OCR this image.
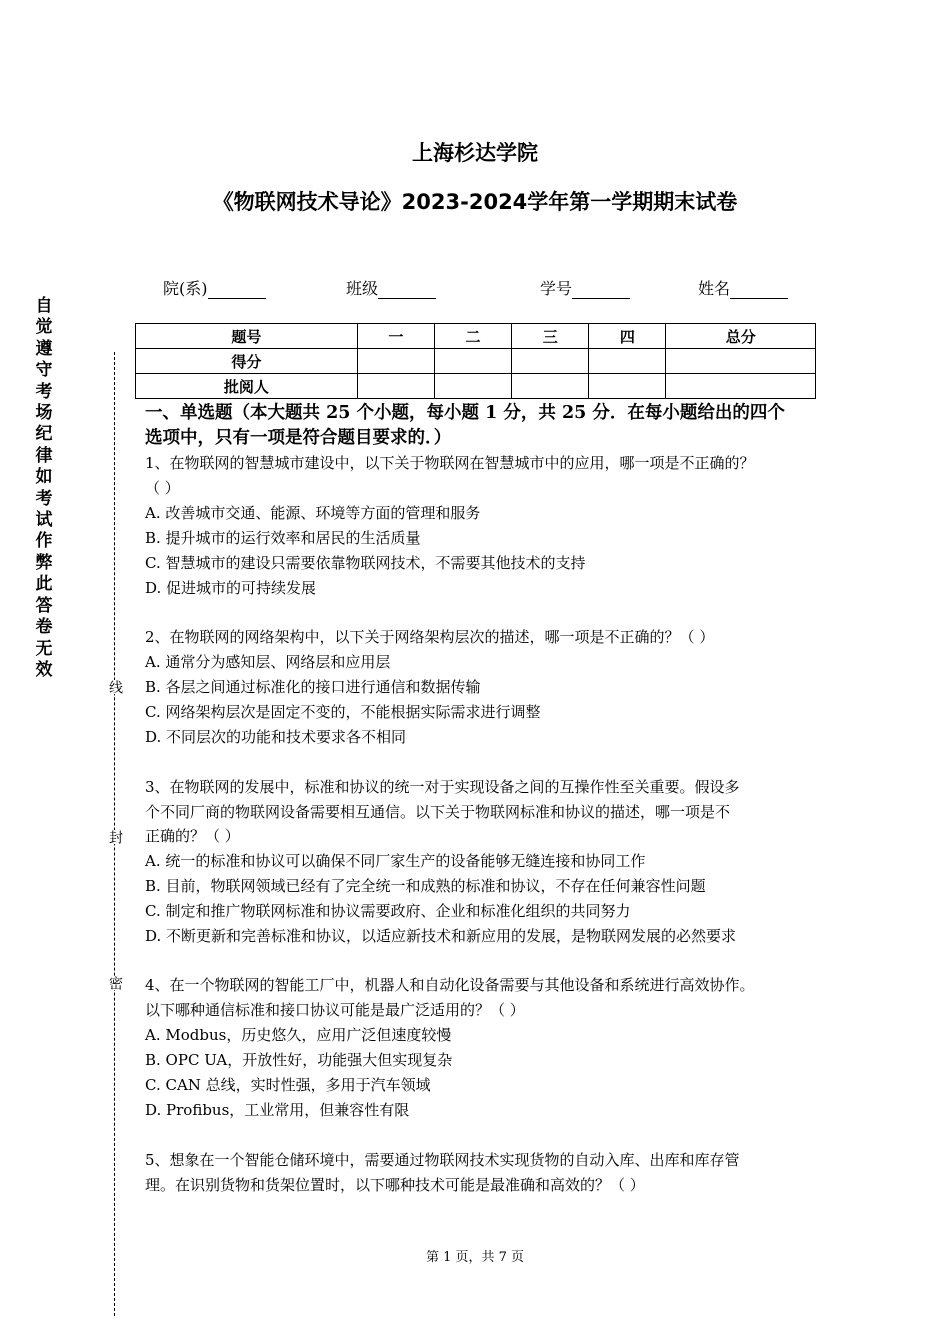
上海杉达学院
《物联网技术导论》2023-2024学年第一学期期末试卷
院(系)	班级	学号	姓名
题号	一	二	三	四	总分
得分					
批阅人					
自觉遵守考场纪律如考试作弊此答卷无效
线
封
密
一、单选题（本大题共 25 个小题，每小题 1 分，共 25 分．在每小题给出的四个
选项中，只有一项是符合题目要求的．）
1、在物联网的智慧城市建设中，以下关于物联网在智慧城市中的应用，哪一项是不正确的？
（ ）
A. 改善城市交通、能源、环境等方面的管理和服务
B. 提升城市的运行效率和居民的生活质量
C. 智慧城市的建设只需要依靠物联网技术，不需要其他技术的支持
D. 促进城市的可持续发展
2、在物联网的网络架构中，以下关于网络架构层次的描述，哪一项是不正确的？（ ）
A. 通常分为感知层、网络层和应用层
B. 各层之间通过标准化的接口进行通信和数据传输
C. 网络架构层次是固定不变的，不能根据实际需求进行调整
D. 不同层次的功能和技术要求各不相同
3、在物联网的发展中，标准和协议的统一对于实现设备之间的互操作性至关重要。假设多
个不同厂商的物联网设备需要相互通信。以下关于物联网标准和协议的描述，哪一项是不
正确的？（ ）
A. 统一的标准和协议可以确保不同厂家生产的设备能够无缝连接和协同工作
B. 目前，物联网领域已经有了完全统一和成熟的标准和协议，不存在任何兼容性问题
C. 制定和推广物联网标准和协议需要政府、企业和标准化组织的共同努力
D. 不断更新和完善标准和协议，以适应新技术和新应用的发展，是物联网发展的必然要求
4、在一个物联网的智能工厂中，机器人和自动化设备需要与其他设备和系统进行高效协作。
以下哪种通信标准和接口协议可能是最广泛适用的？（ ）
A. Modbus，历史悠久，应用广泛但速度较慢
B. OPC UA，开放性好，功能强大但实现复杂
C. CAN 总线，实时性强，多用于汽车领域
D. Profibus，工业常用，但兼容性有限
5、想象在一个智能仓储环境中，需要通过物联网技术实现货物的自动入库、出库和库存管
理。在识别货物和货架位置时，以下哪种技术可能是最准确和高效的？（ ）
第 1 页，共 7 页
